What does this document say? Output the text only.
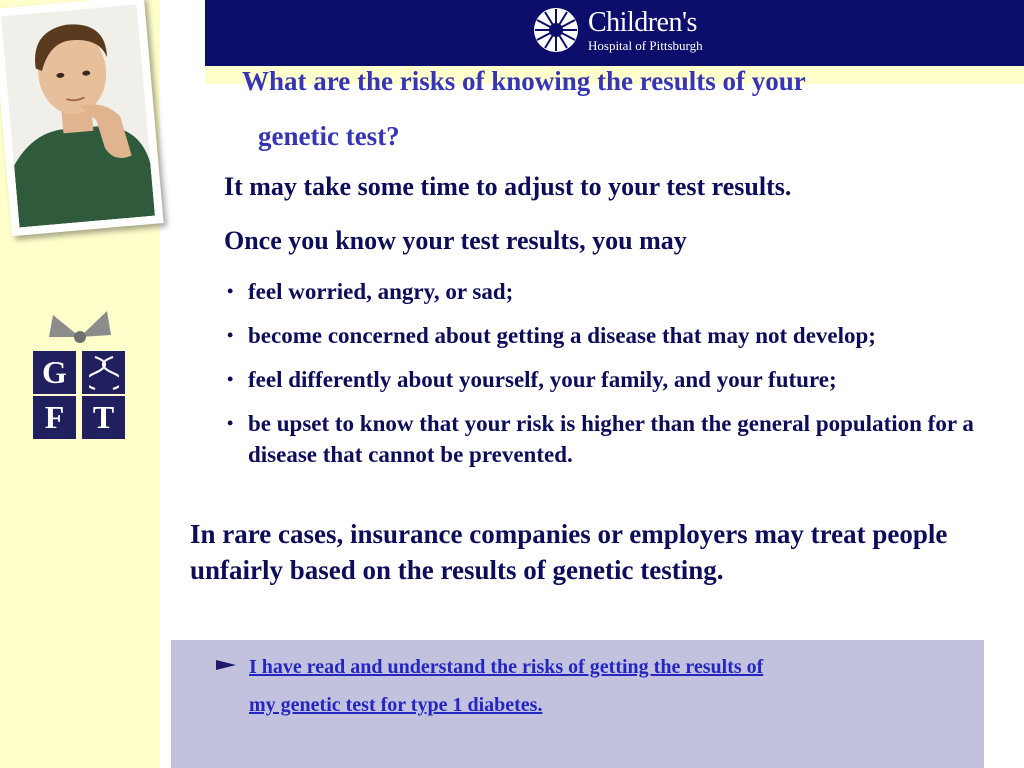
Children's
Hospital of Pittsburgh
G
F T
What are the risks of knowing the results of your
genetic test?
It may take some time to adjust to your test results.
Once you know your test results, you may
• feel worried, angry, or sad;
• become concerned about getting a disease that may not develop;
• feel differently about yourself, your family, and your future;
• be upset to know that your risk is higher than the general population for a disease that cannot be prevented.
In rare cases, insurance companies or employers may treat people unfairly based on the results of genetic testing.
I have read and understand the risks of getting the results of
my genetic test for type 1 diabetes.
